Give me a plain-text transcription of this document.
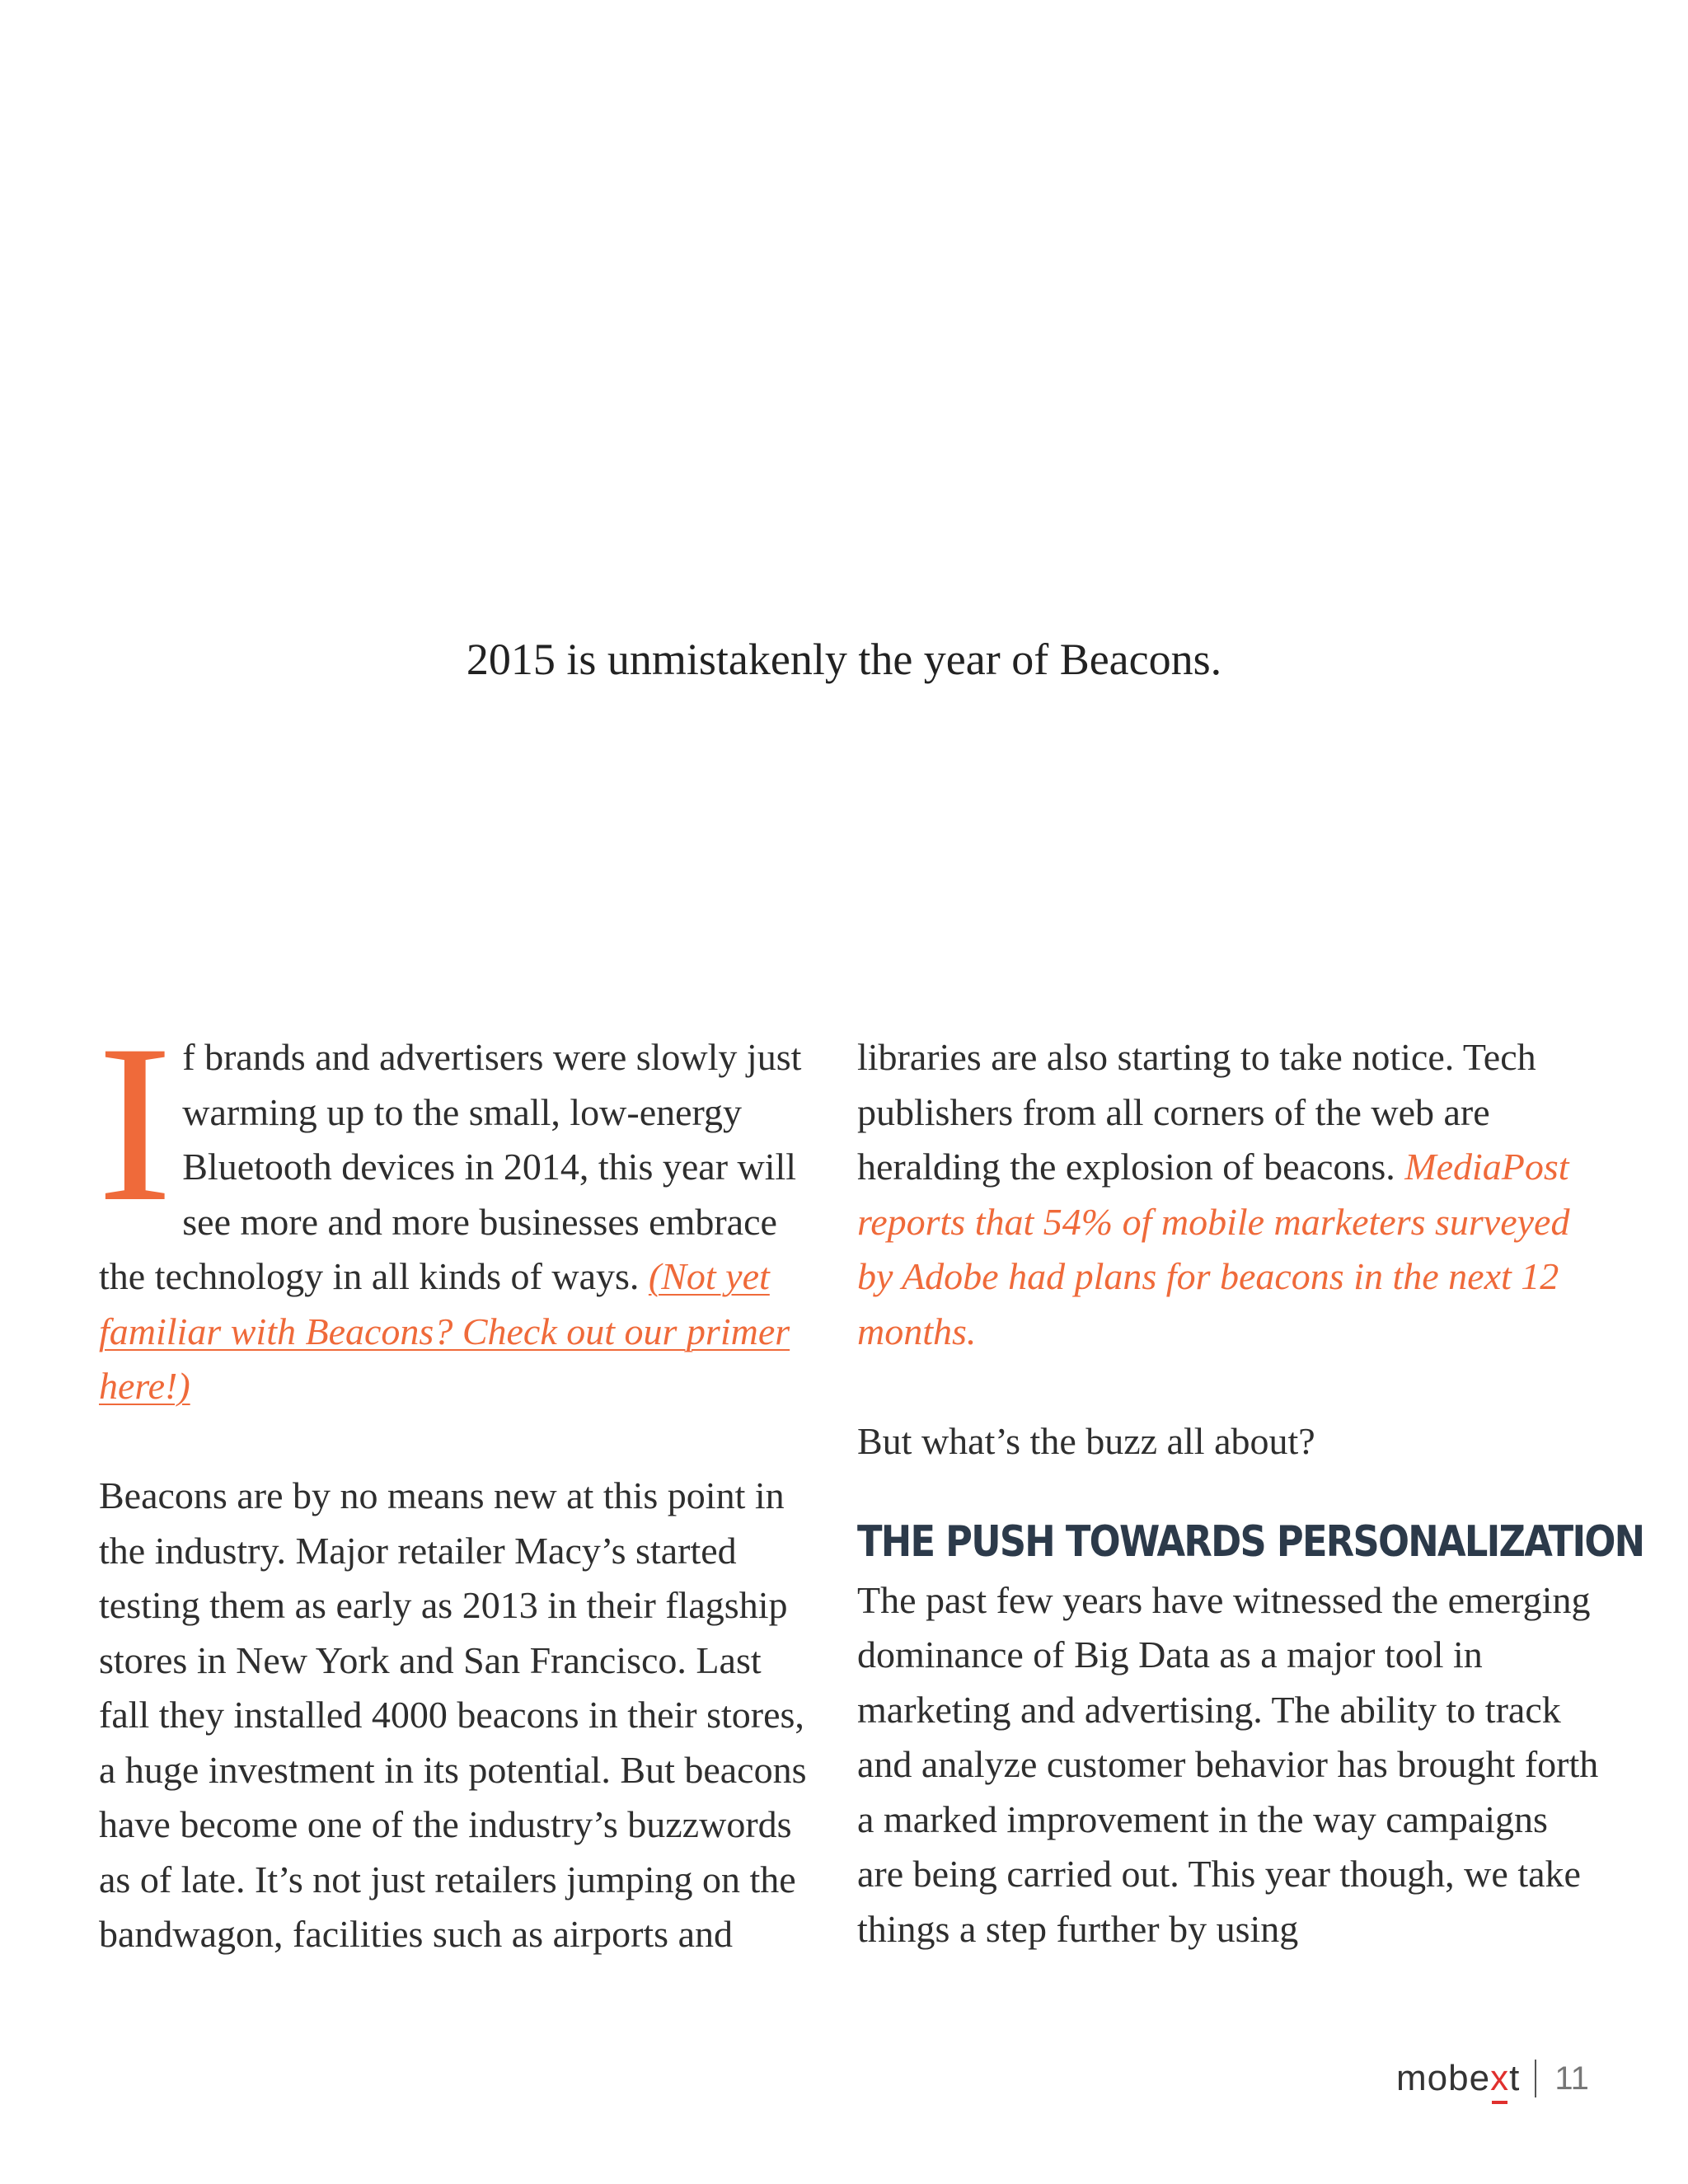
2015 is unmistakenly the year of Beacons.

If brands and advertisers were slowly just warming up to the small, low-energy Bluetooth devices in 2014, this year will see more and more businesses embrace the technology in all kinds of ways. (Not yet familiar with Beacons? Check out our primer here!)

Beacons are by no means new at this point in the industry. Major retailer Macy’s started testing them as early as 2013 in their flagship stores in New York and San Francisco. Last fall they installed 4000 beacons in their stores, a huge investment in its potential. But beacons have become one of the industry’s buzzwords as of late. It’s not just retailers jumping on the bandwagon, facilities such as airports and

libraries are also starting to take notice. Tech publishers from all corners of the web are heralding the explosion of beacons. MediaPost reports that 54% of mobile marketers surveyed by Adobe had plans for beacons in the next 12 months.

But what’s the buzz all about?

THE PUSH TOWARDS PERSONALIZATION

The past few years have witnessed the emerging dominance of Big Data as a major tool in marketing and advertising. The ability to track and analyze customer behavior has brought forth a marked improvement in the way campaigns are being carried out. This year though, we take things a step further by using

mobex
t 11
